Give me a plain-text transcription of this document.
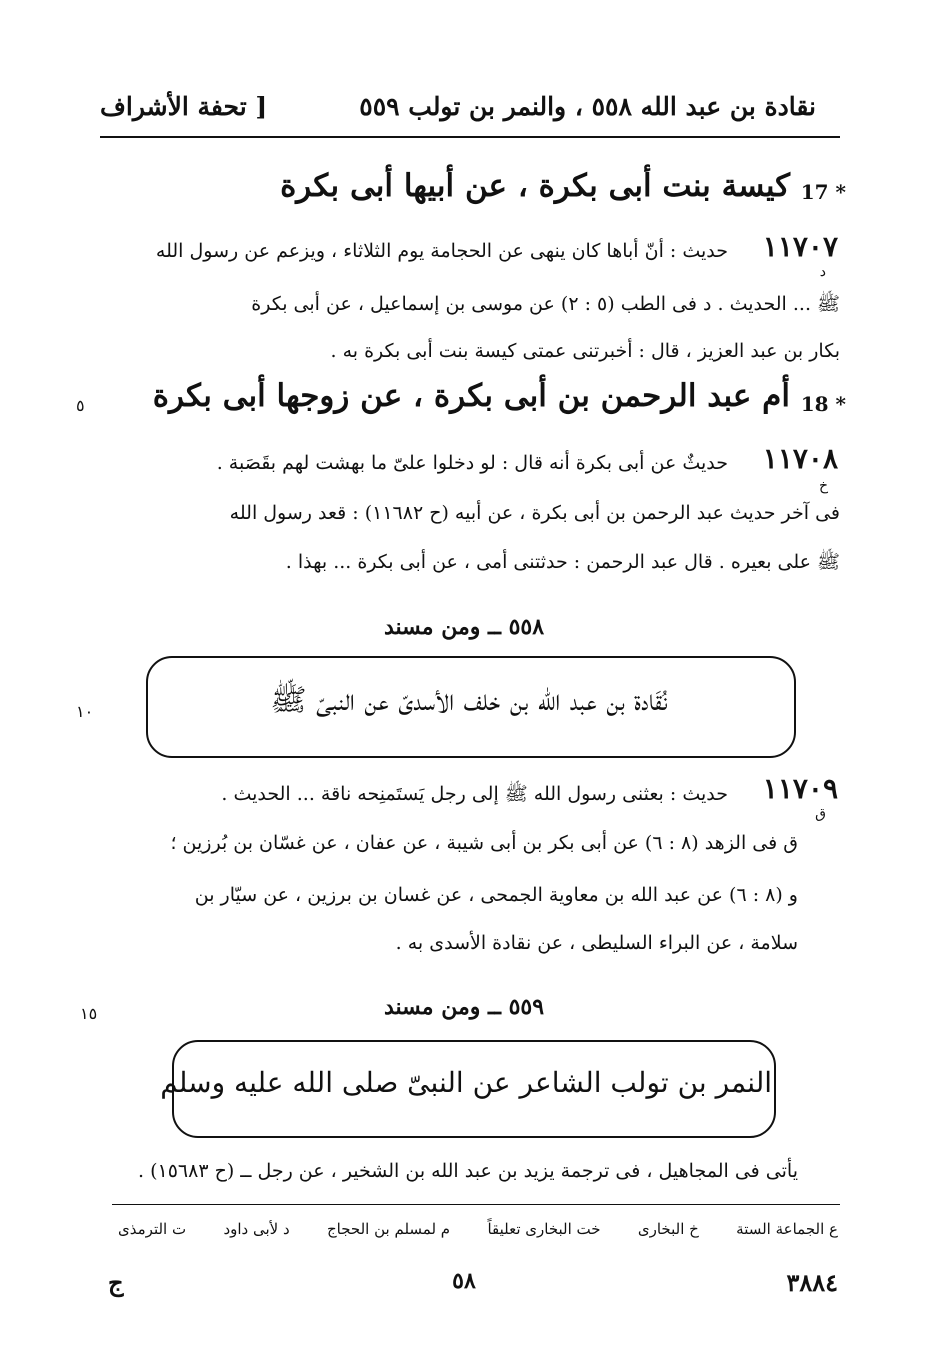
نقادة بن عبد الله ٥٥٨ ، والنمر بن تولب ٥٥٩
[ تحفة الأشراف
17 *
كيسة بنت أبى بكرة ، عن أبيها أبى بكرة
١١٧٠٧
د
حديث : أنّ أباها كان ينهى عن الحجامة يوم الثلاثاء ، ويزعم عن رسول الله
ﷺ ... الحديث . د فى الطب (٥ : ٢) عن موسى بن إسماعيل ، عن أبى بكرة
بكار بن عبد العزيز ، قال : أخبرتنى عمتى كيسة بنت أبى بكرة به .
18 *
أم عبد الرحمن بن أبى بكرة ، عن زوجها أبى بكرة
٥
١١٧٠٨
خ
حديثٌ عن أبى بكرة أنه قال : لو دخلوا علىّ ما بهشت لهم بقَصَبة .
فى آخر حديث عبد الرحمن بن أبى بكرة ، عن أبيه (ح ١١٦٨٢) : قعد رسول الله
ﷺ على بعيره . قال عبد الرحمن : حدثتنى أمى ، عن أبى بكرة ... بهذا .
٥٥٨ ــ ومن مسند
نُقَادة بن عبد الله بن خلف الأسدىّ عن النبىّ ﷺ
١٠
١١٧٠٩
ق
حديث : بعثنى رسول الله ﷺ إلى رجل يَستَمنِحه ناقة ... الحديث .
ق فى الزهد (٨ : ٦) عن أبى بكر بن أبى شيبة ، عن عفان ، عن غسّان بن بُرزين ؛
و (٨ : ٦) عن عبد الله بن معاوية الجمحى ، عن غسان بن برزين ، عن سيّار بن
سلامة ، عن البراء السليطى ، عن نقادة الأسدى به .
١٥	٥٥٩ ــ ومن مسند
النمر بن تولب الشاعر عن النبىّ صلى الله عليه وسلم
يأتى فى المجاهيل ، فى ترجمة يزيد بن عبد الله بن الشخير ، عن رجل ــ (ح ١٥٦٨٣) .
ع الجماعة الستة
خ البخارى
خت البخارى تعليقاً
م لمسلم بن الحجاج
د لأبى داود
ت الترمذى
٣٨٨٤
٥٨
ج
